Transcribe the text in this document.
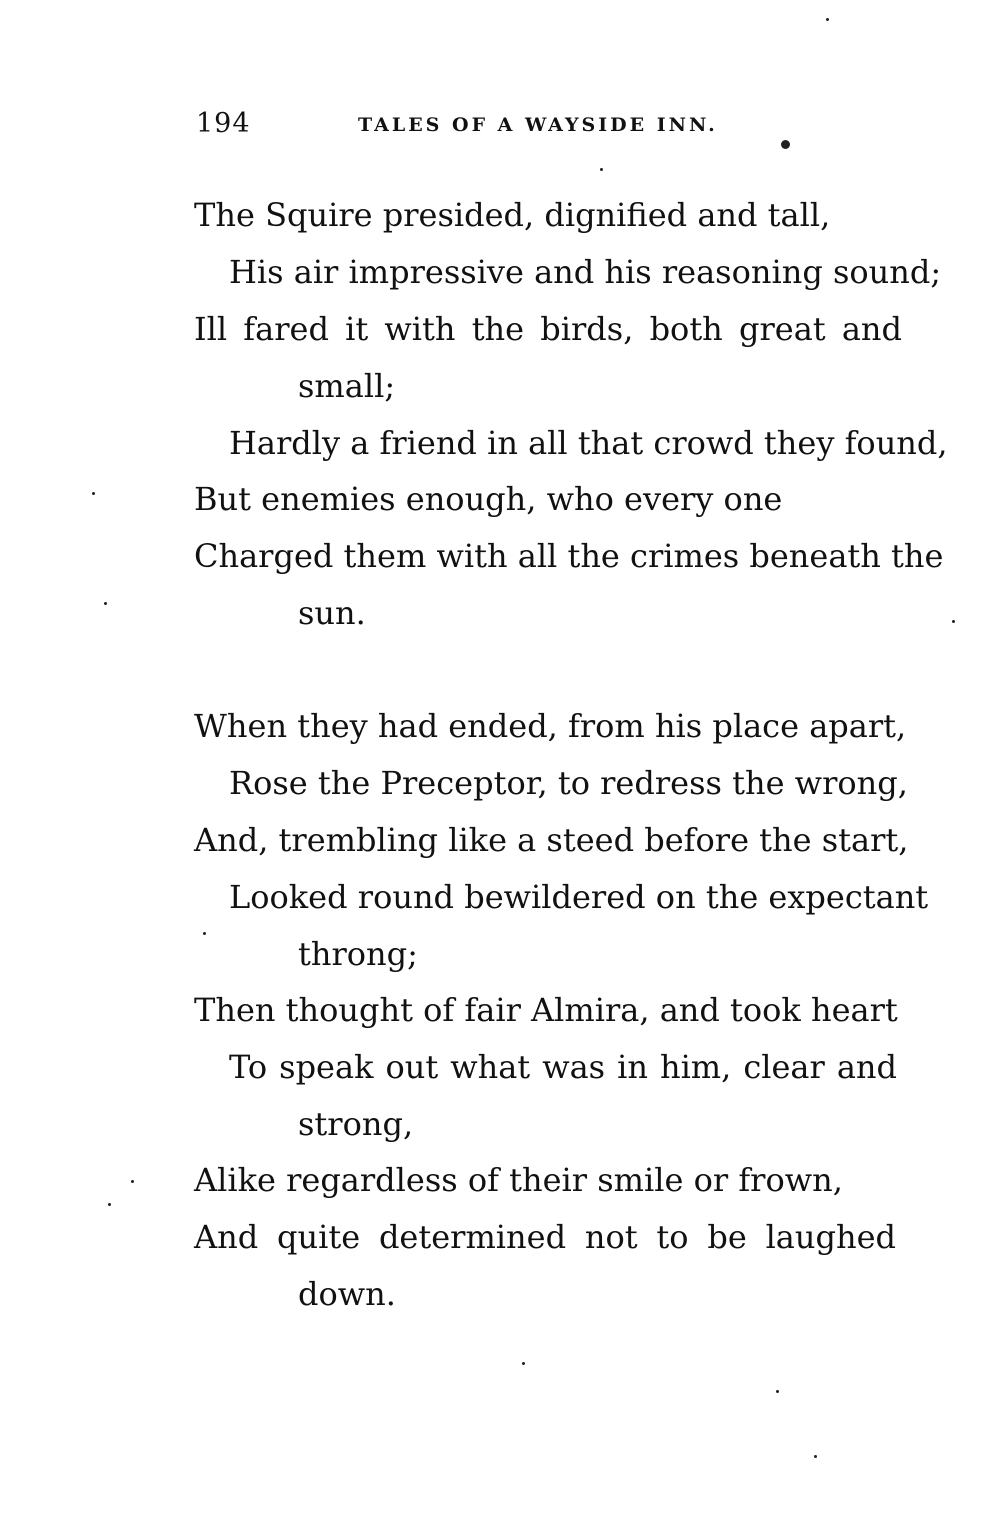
194	TALES OF A WAYSIDE INN.
The Squire presided, dignified and tall,
His air impressive and his reasoning sound;
Ill fared it with the birds, both great and
small;
Hardly a friend in all that crowd they found,
But enemies enough, who every one
Charged them with all the crimes beneath the
sun.
When they had ended, from his place apart,
Rose the Preceptor, to redress the wrong,
And, trembling like a steed before the start,
Looked round bewildered on the expectant
throng;
Then thought of fair Almira, and took heart
To speak out what was in him, clear and
strong,
Alike regardless of their smile or frown,
And quite determined not to be laughed
down.
